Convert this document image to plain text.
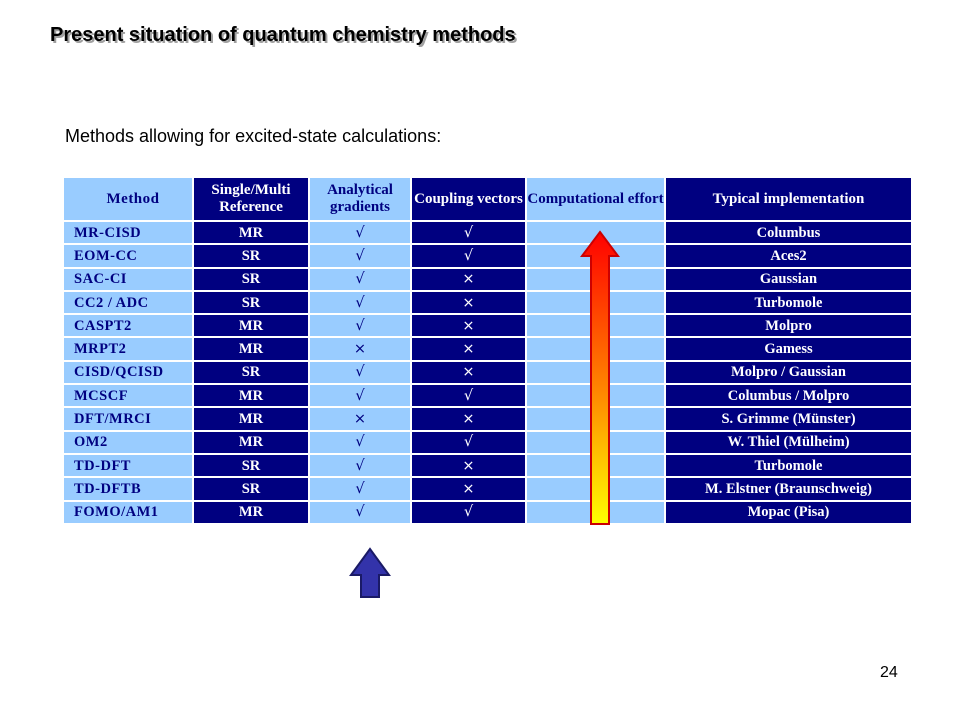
Present situation of quantum chemistry methods
Methods allowing for excited-state calculations:
Method	Single/Multi Reference	Analytical gradients	Coupling vectors	Computational effort	Typical implementation
MR-CISD	MR	√	√		Columbus
EOM-CC	SR	√	√		Aces2
SAC-CI	SR	√	×		Gaussian
CC2 / ADC	SR	√	×		Turbomole
CASPT2	MR	√	×		Molpro
MRPT2	MR	×	×		Gamess
CISD/QCISD	SR	√	×		Molpro / Gaussian
MCSCF	MR	√	√		Columbus / Molpro
DFT/MRCI	MR	×	×		S. Grimme (Münster)
OM2	MR	√	√		W. Thiel (Mülheim)
TD-DFT	SR	√	×		Turbomole
TD-DFTB	SR	√	×		M. Elstner (Braunschweig)
FOMO/AM1	MR	√	√		Mopac (Pisa)
24
